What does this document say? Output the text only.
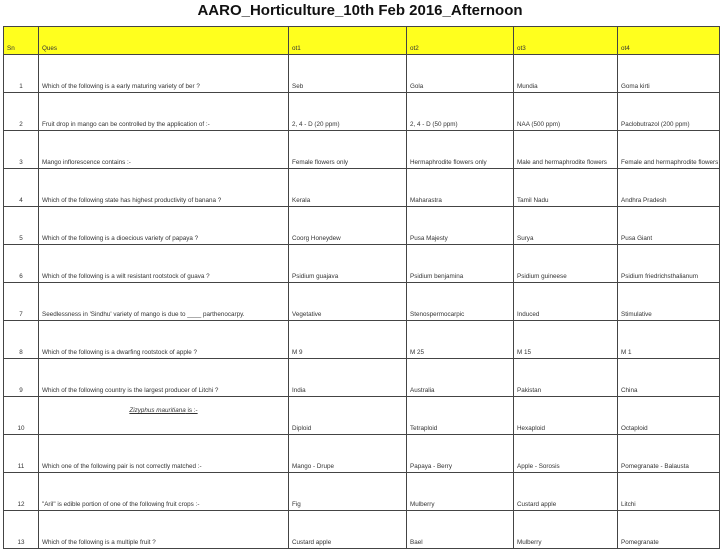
AARO_Horticulture_10th Feb 2016_Afternoon
Sn	Ques	ot1	ot2	ot3	ot4
1	Which of the following is a early maturing variety of ber ?	Seb	Gola	Mundia	Goma kirti
2	Fruit drop in mango can be controlled by the application of :-	2, 4 - D (20 ppm)	2, 4 - D (50 ppm)	NAA (500 ppm)	Paclobutrazol (200 ppm)
3	Mango inflorescence contains :-	Female flowers only	Hermaphrodite flowers only	Male and hermaphrodite flowers	Female and hermaphrodite flowers
4	Which of the following state has highest productivity of banana ?	Kerala	Maharastra	Tamil Nadu	Andhra Pradesh
5	Which of the following is a dioecious variety of papaya ?	Coorg Honeydew	Pusa Majesty	Surya	Pusa Giant
6	Which of the following is a wilt resistant rootstock of guava ?	Psidium guajava	Psidium benjamina	Psidium guineese	Psidium friedrichsthalianum
7	Seedlessness in 'Sindhu' variety of mango is due to ____ parthenocarpy.	Vegetative	Stenospermocarpic	Induced	Stimulative
8	Which of the following is a dwarfing rootstock of apple ?	M 9	M 25	M 15	M 1
9	Which of the following country is the largest producer of Litchi ?	India	Australia	Pakistan	China
10	Zizyphus mauritiana is :-	Diploid	Tetraploid	Hexaploid	Octaploid
11	Which one of the following pair is not correctly matched :-	Mango - Drupe	Papaya - Berry	Apple - Sorosis	Pomegranate - Balausta
12	"Aril" is edible portion of one of the following fruit crops :-	Fig	Mulberry	Custard apple	Litchi
13	Which of the following is a multiple fruit ?	Custard apple	Bael	Mulberry	Pomegranate
